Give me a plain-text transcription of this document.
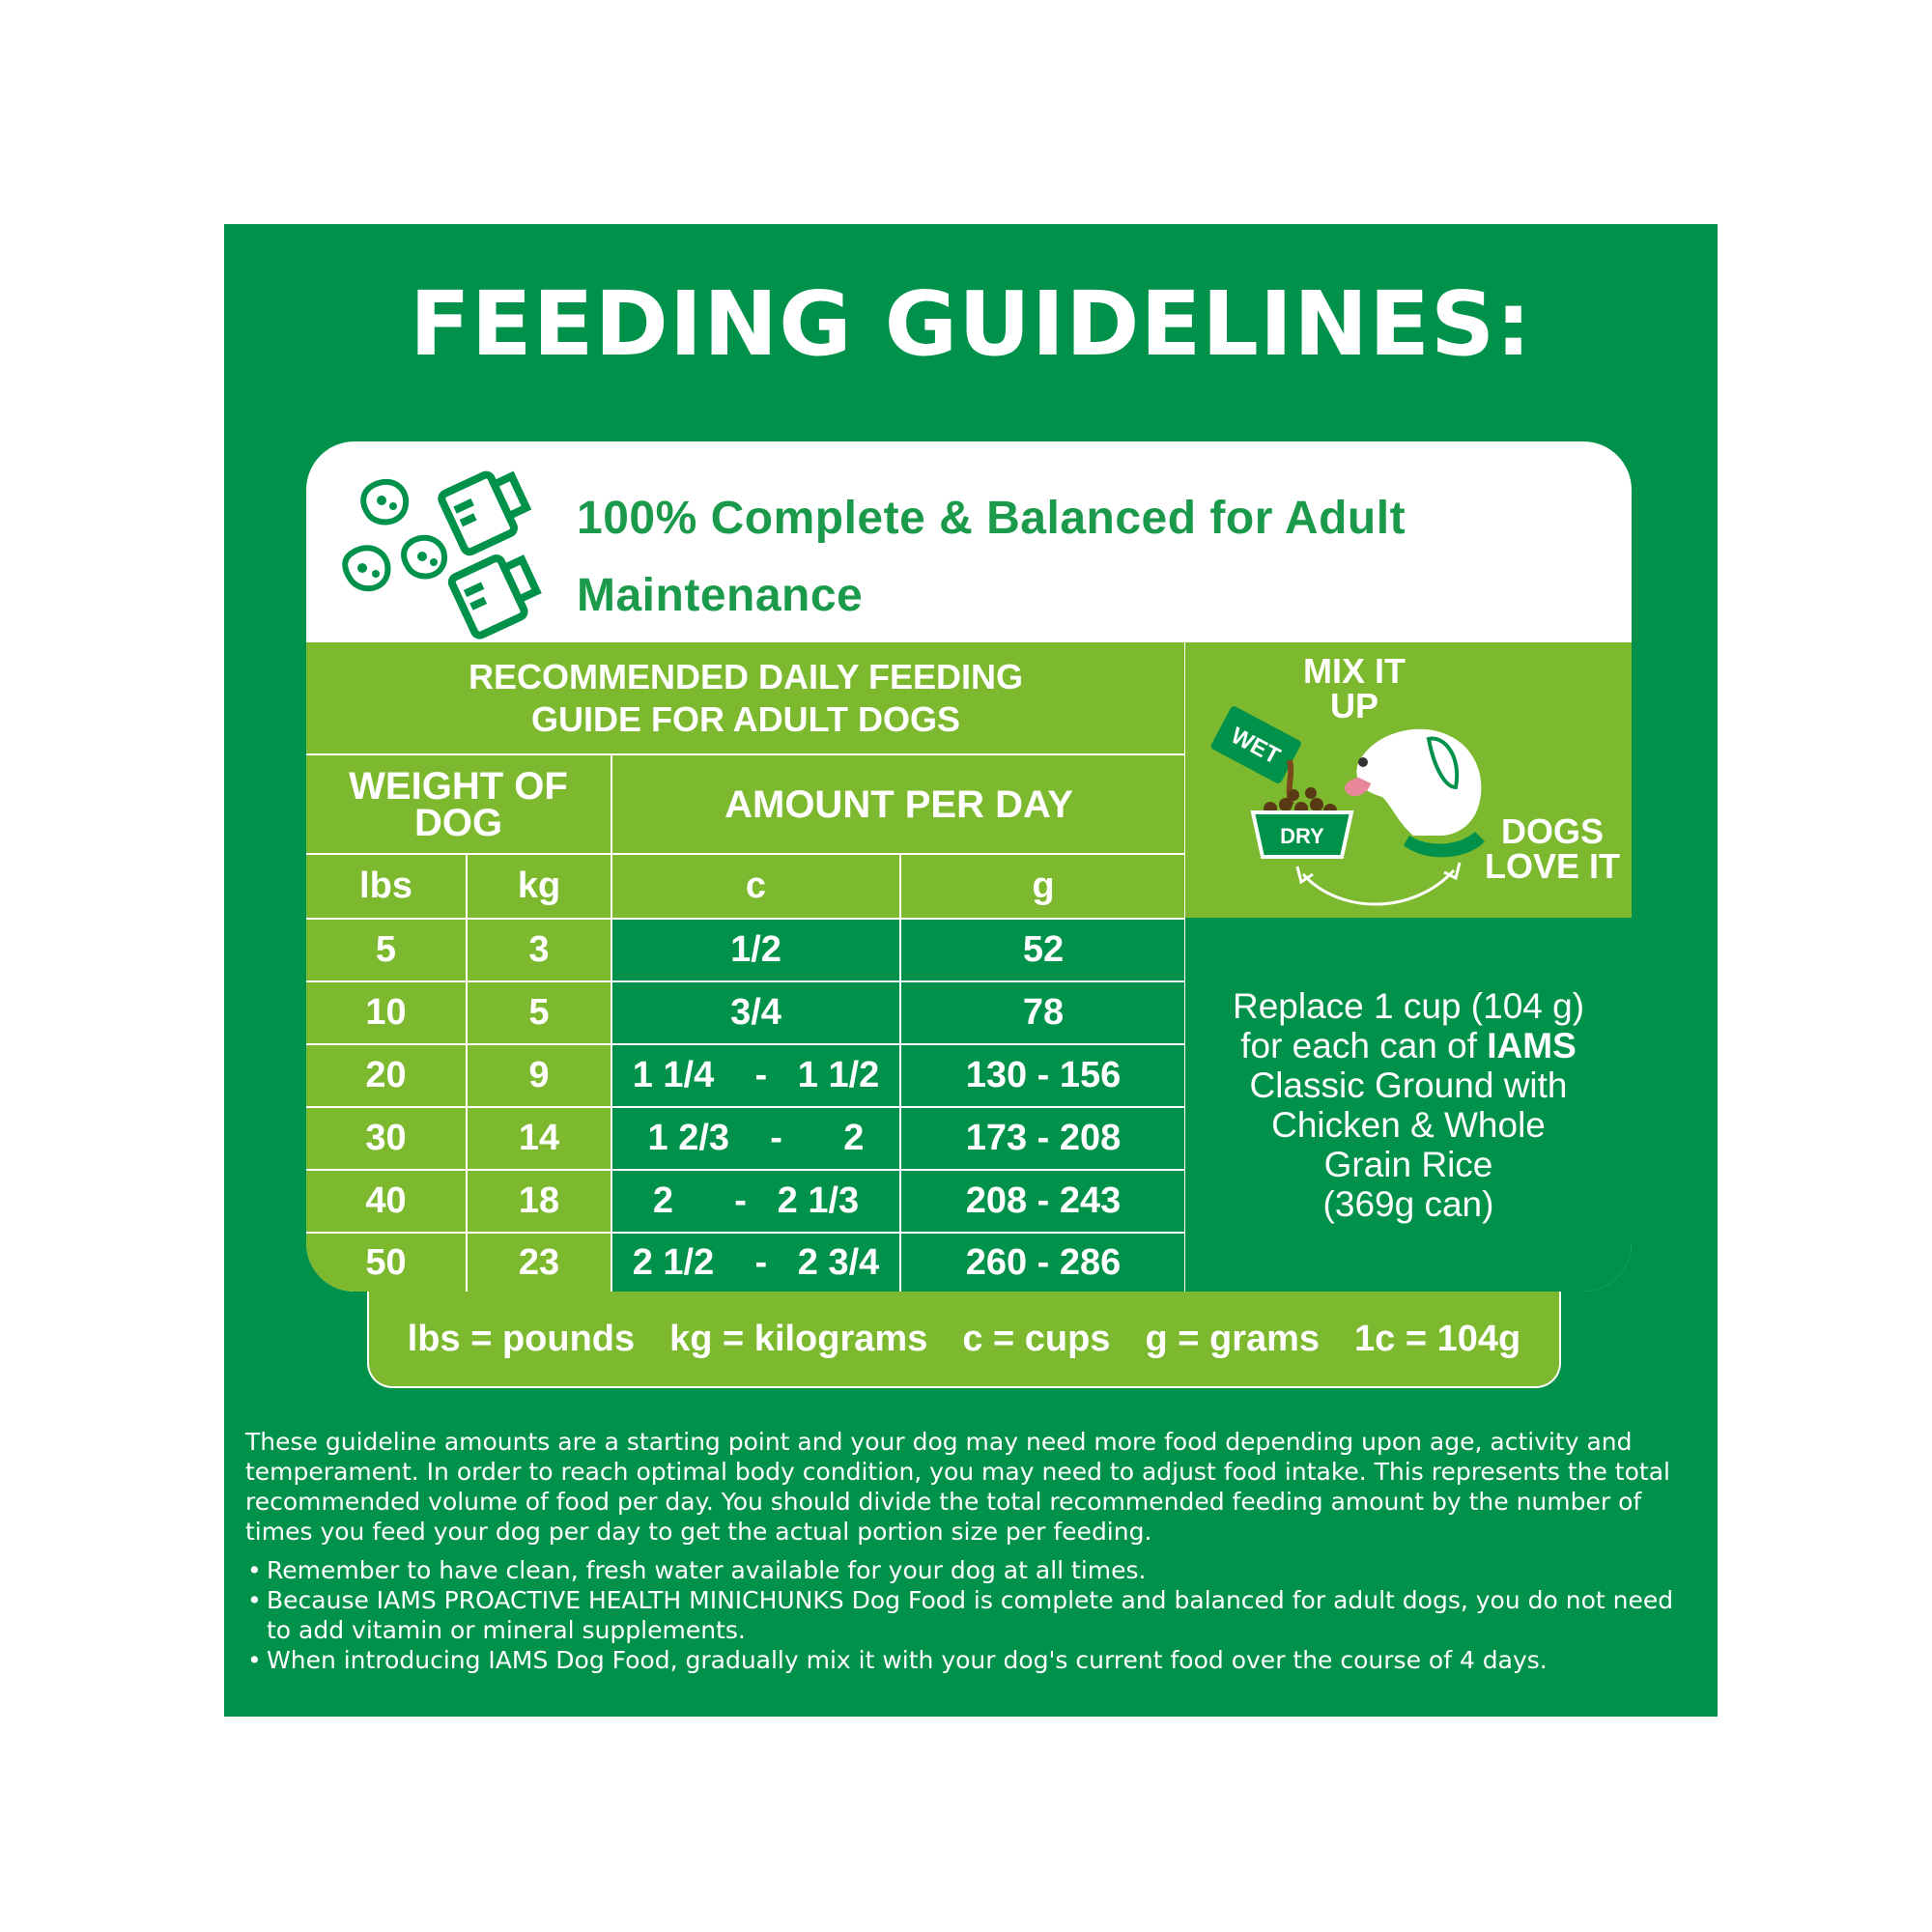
FEEDING GUIDELINES:
100% Complete & Balanced for Adult Maintenance
RECOMMENDED DAILY FEEDING
GUIDE FOR ADULT DOGS
WEIGHT OF
DOG	AMOUNT PER DAY
lbs	kg	c	g
5	3	1/2	52
10	5	3/4	78
20	9	1 1/4    -   1 1/2	130 - 156
30	14	1 2/3    -      2	173 - 208
40	18	2      -   2 1/3	208 - 243
50	23	2 1/2    -   2 3/4	260 - 286
MIX IT
UP
WET
DRY	DOGS
LOVE IT
Replace 1 cup (104 g)
for each can of IAMS
Classic Ground with
Chicken & Whole
Grain Rice
(369g can)
lbs = pounds kg = kilograms c = cups g = grams 1c = 104g

These guideline amounts are a starting point and your dog may need more food depending upon age, activity and temperament. In order to reach optimal body condition, you may need to adjust food intake. This represents the total recommended volume of food per day. You should divide the total recommended feeding amount by the number of times you feed your dog per day to get the actual portion size per feeding.

• Remember to have clean, fresh water available for your dog at all times.
• Because IAMS PROACTIVE HEALTH MINICHUNKS Dog Food is complete and balanced for adult dogs, you do not need to add vitamin or mineral supplements.
• When introducing IAMS Dog Food, gradually mix it with your dog's current food over the course of 4 days.
